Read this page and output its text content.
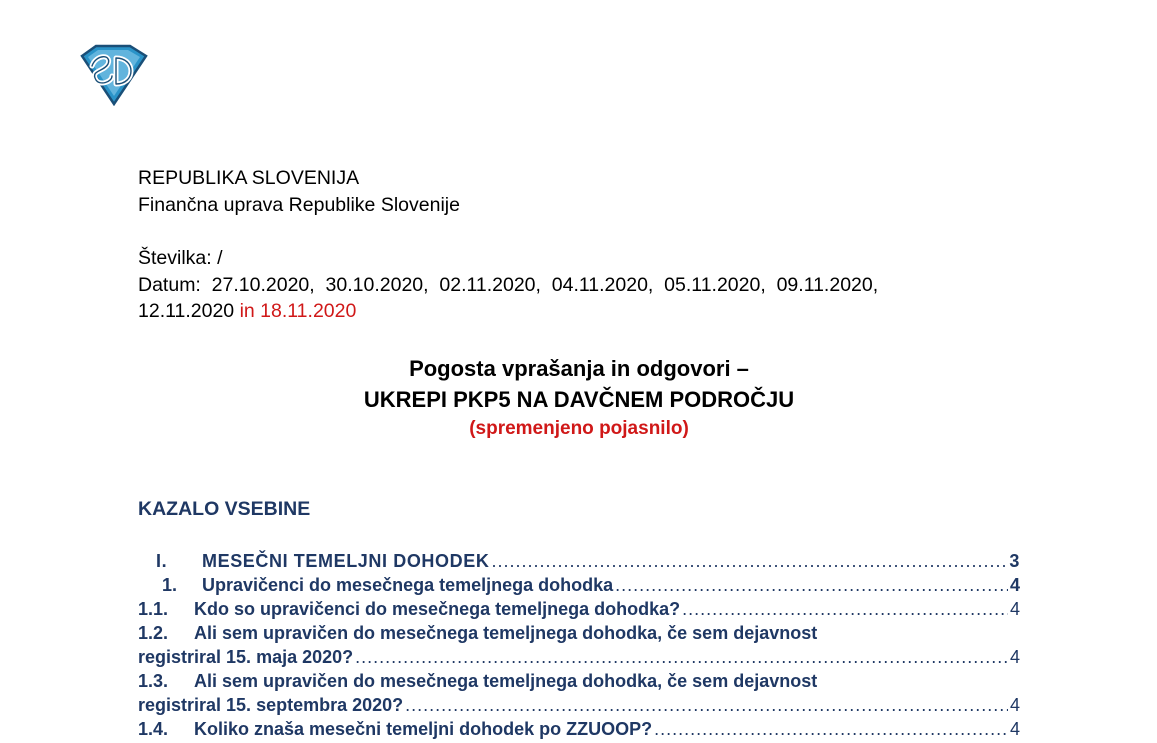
REPUBLIKA SLOVENIJA
Finančna uprava Republike Slovenije
Številka: /
Datum:  27.10.2020,  30.10.2020,  02.11.2020,  04.11.2020,  05.11.2020,  09.11.2020,
12.11.2020 in 18.11.2020
Pogosta vprašanja in odgovori –
UKREPI PKP5 NA DAVČNEM PODROČJU
(spremenjeno pojasnilo)
KAZALO VSEBINE
I.	MESEČNI TEMELJNI DOHODEK .....	3
1.	Upravičenci do mesečnega temeljnega dohodka .....	4
1.1.	Kdo so upravičenci do mesečnega temeljnega dohodka? .....	4
1.2.	Ali sem upravičen do mesečnega temeljnega dohodka, če sem dejavnost
registriral 15. maja 2020? .....	4
1.3.	Ali sem upravičen do mesečnega temeljnega dohodka, če sem dejavnost
registriral 15. septembra 2020? .....	4
1.4.	Koliko znaša mesečni temeljni dohodek po ZZUOOP? .....	4
